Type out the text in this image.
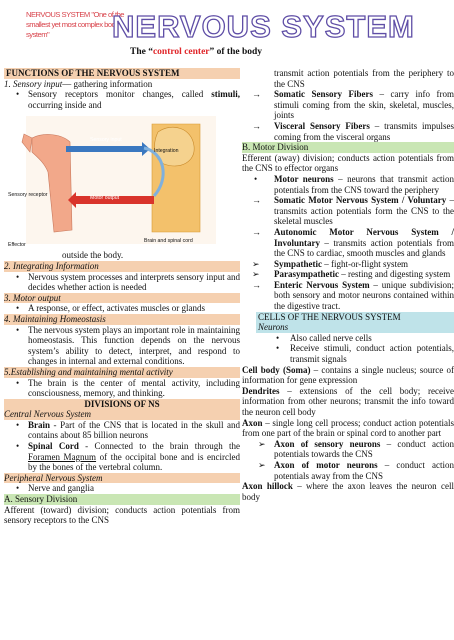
NERVOUS SYSTEM "One of the smallest yet most complex body system"	NERVOUS SYSTEM
The “control center” of the body
FUNCTIONS OF THE NERVOUS SYSTEM
1. Sensory input— gathering information
• Sensory receptors monitor changes, called stimuli, occurring inside and
Sensory input
Integration
Sensory receptor	Motor output
Brain and spinal cord
Effector
outside the body.
2. Integrating Information
• Nervous system processes and interprets sensory input and decides whether action is needed
3. Motor output
• A response, or effect, activates muscles or glands
4. Maintaining Homeostasis
• The nervous system plays an important role in maintaining homeostasis. This function depends on the nervous system’s ability to detect, interpret, and respond to changes in internal and external conditions.
5.Establishing and maintaining mental activity
• The brain is the center of mental activity, including consciousness, memory, and thinking.
DIVISIONS OF NS
Central Nervous System
• Brain - Part of the CNS that is located in the skull and contains about 85 billion neurons
• Spinal Cord - Connected to the brain through the Foramen Magnum of the occipital bone and is encircled by the bones of the vertebral column.
Peripheral Nervous System
• Nerve and ganglia
A. Sensory Division
Afferent (toward) division; conducts action potentials from sensory receptors to the CNS
transmit action potentials from the periphery to the CNS
→	Somatic Sensory Fibers – carry info from stimuli coming from the skin, skeletal, muscles, joints
→	Visceral Sensory Fibers – transmits impulses coming from the visceral organs
B. Motor Division
Efferent (away) division; conducts action potentials from the CNS to effector organs
•	Motor neurons – neurons that transmit action potentials from the CNS toward the periphery
→	Somatic Motor Nervous System / Voluntary – transmits action potentials form the CNS to the skeletal muscles
→	Autonomic Motor Nervous System / Involuntary – transmits action potentials from the CNS to cardiac, smooth muscles and glands
➢	Sympathetic – fight-or-flight system
➢	Parasympathetic – resting and digesting system
→	Enteric Nervous System – unique subdivision; both sensory and motor neurons contained within the digestive tract.
CELLS OF THE NERVOUS SYSTEM
Neurons
•	Also called nerve cells
•	Receive stimuli, conduct action potentials, transmit signals
Cell body (Soma) – contains a single nucleus; source of information for gene expression
Dendrites – extensions of the cell body; receive information from other neurons; transmit the info toward the neuron cell body
Axon – single long cell process; conduct action potentials from one part of the brain or spinal cord to another part
➢ Axon of sensory neurons – conduct action potentials towards the CNS
➢ Axon of motor neurons – conduct action potentials away from the CNS
Axon hillock – where the axon leaves the neuron cell body
